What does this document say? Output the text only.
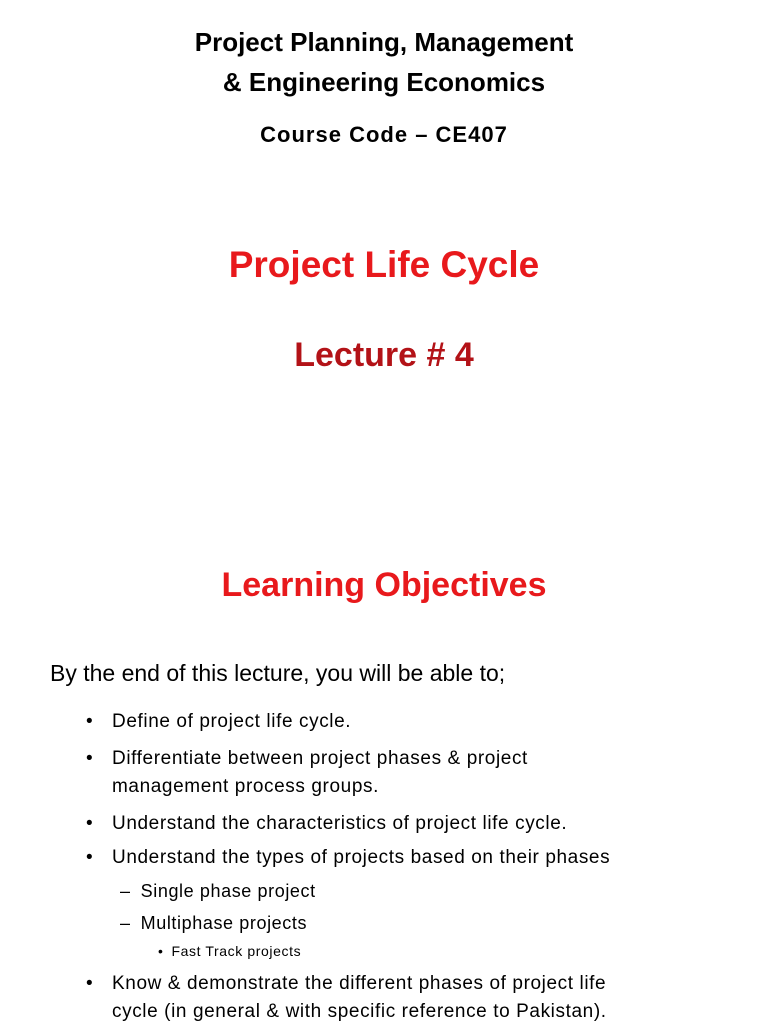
Project Planning, Management
& Engineering Economics
Course Code – CE407
Project Life Cycle
Lecture # 4
Learning Objectives
By the end of this lecture, you will be able to;
• Define of project life cycle.
• Differentiate between project phases & project
management process groups.
• Understand the characteristics of project life cycle.
• Understand the types of projects based on their phases
– Single phase project
– Multiphase projects
• Fast Track projects
• Know & demonstrate the different phases of project life
cycle (in general & with specific reference to Pakistan).
